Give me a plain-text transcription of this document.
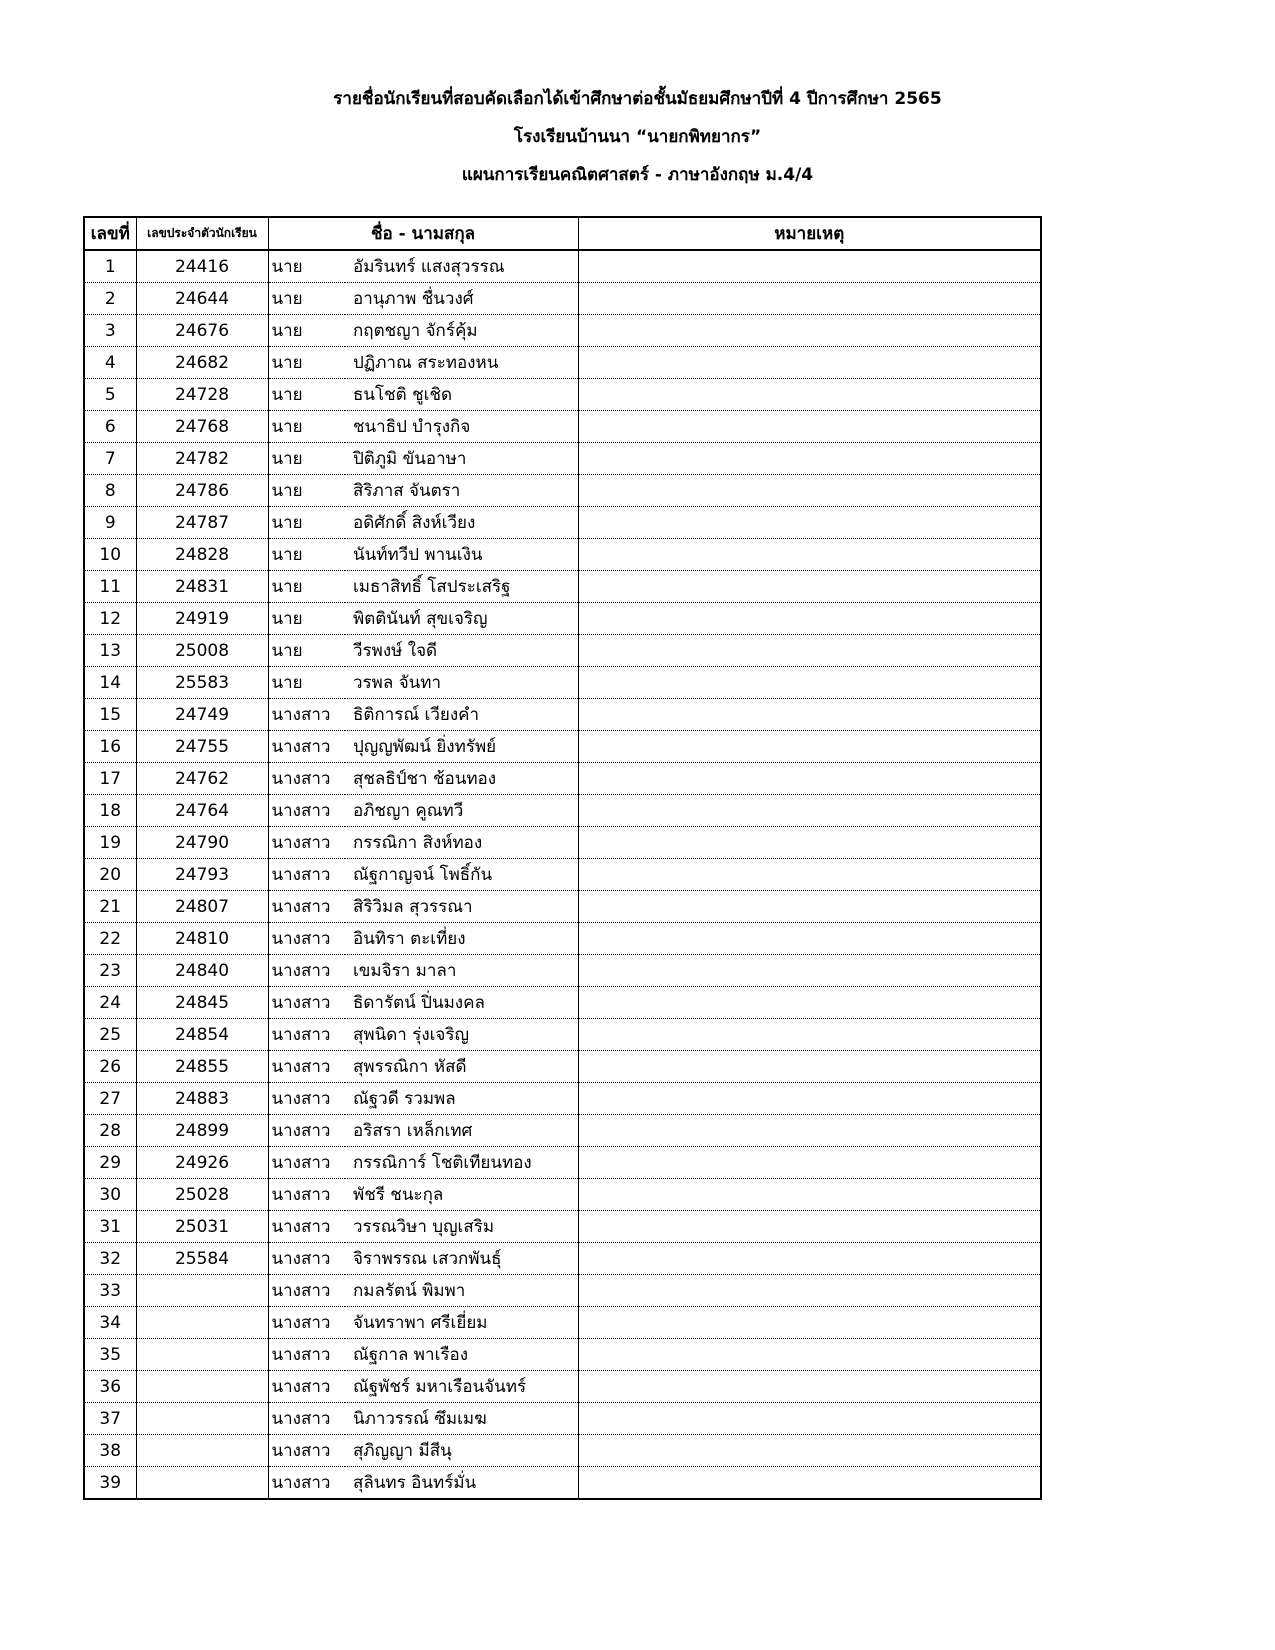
รายชื่อนักเรียนที่สอบคัดเลือกได้เข้าศึกษาต่อชั้นมัธยมศึกษาปีที่ 4 ปีการศึกษา 2565
โรงเรียนบ้านนา “นายกพิทยากร”
แผนการเรียนคณิตศาสตร์ - ภาษาอังกฤษ ม.4/4
เลขที่	เลขประจำตัวนักเรียน	ชื่อ - นามสกุล		หมายเหตุ
1	24416	นาย	อัมรินทร์ แสงสุวรรณ	
2	24644	นาย	อานุภาพ ชื่นวงศ์	
3	24676	นาย	กฤตชญา จักร์คุ้ม	
4	24682	นาย	ปฏิภาณ สระทองหน	
5	24728	นาย	ธนโชติ ชูเชิด	
6	24768	นาย	ชนาธิป บำรุงกิจ	
7	24782	นาย	ปิติภูมิ ขันอาษา	
8	24786	นาย	สิริภาส จันตรา	
9	24787	นาย	อดิศักดิ์ สิงห์เวียง	
10	24828	นาย	นันท์ทวีป พานเงิน	
11	24831	นาย	เมธาสิทธิ์ โสประเสริฐ	
12	24919	นาย	พิตตินันท์ สุขเจริญ	
13	25008	นาย	วีรพงษ์ ใจดี	
14	25583	นาย	วรพล จันทา	
15	24749	นางสาว	ธิติการณ์ เวียงคำ	
16	24755	นางสาว	ปุญญพัฒน์ ยิ่งทรัพย์	
17	24762	นางสาว	สุชลธิป์ชา ช้อนทอง	
18	24764	นางสาว	อภิชญา คูณทวี	
19	24790	นางสาว	กรรณิกา สิงห์ทอง	
20	24793	นางสาว	ณัฐกาญจน์ โพธิ์กัน	
21	24807	นางสาว	สิริวิมล สุวรรณา	
22	24810	นางสาว	อินทิรา ตะเที่ยง	
23	24840	นางสาว	เขมจิรา มาลา	
24	24845	นางสาว	ธิดารัตน์ ปิ่นมงคล	
25	24854	นางสาว	สุพนิดา รุ่งเจริญ	
26	24855	นางสาว	สุพรรณิกา หัสดี	
27	24883	นางสาว	ณัฐวดี รวมพล	
28	24899	นางสาว	อริสรา เหล็กเทศ	
29	24926	นางสาว	กรรณิการ์ โชติเทียนทอง	
30	25028	นางสาว	พัชรี ชนะกุล	
31	25031	นางสาว	วรรณวิษา บุญเสริม	
32	25584	นางสาว	จิราพรรณ เสวกพันธุ์	
33		นางสาว	กมลรัตน์ พิมพา	
34		นางสาว	จันทราพา ศรีเยี่ยม	
35		นางสาว	ณัฐกาล พาเรือง	
36		นางสาว	ณัฐพัชร์ มหาเรือนจันทร์	
37		นางสาว	นิภาวรรณ์ ซึมเมฆ	
38		นางสาว	สุภิญญา มีสีนุ	
39		นางสาว	สุลินทร อินทร์มั่น	
